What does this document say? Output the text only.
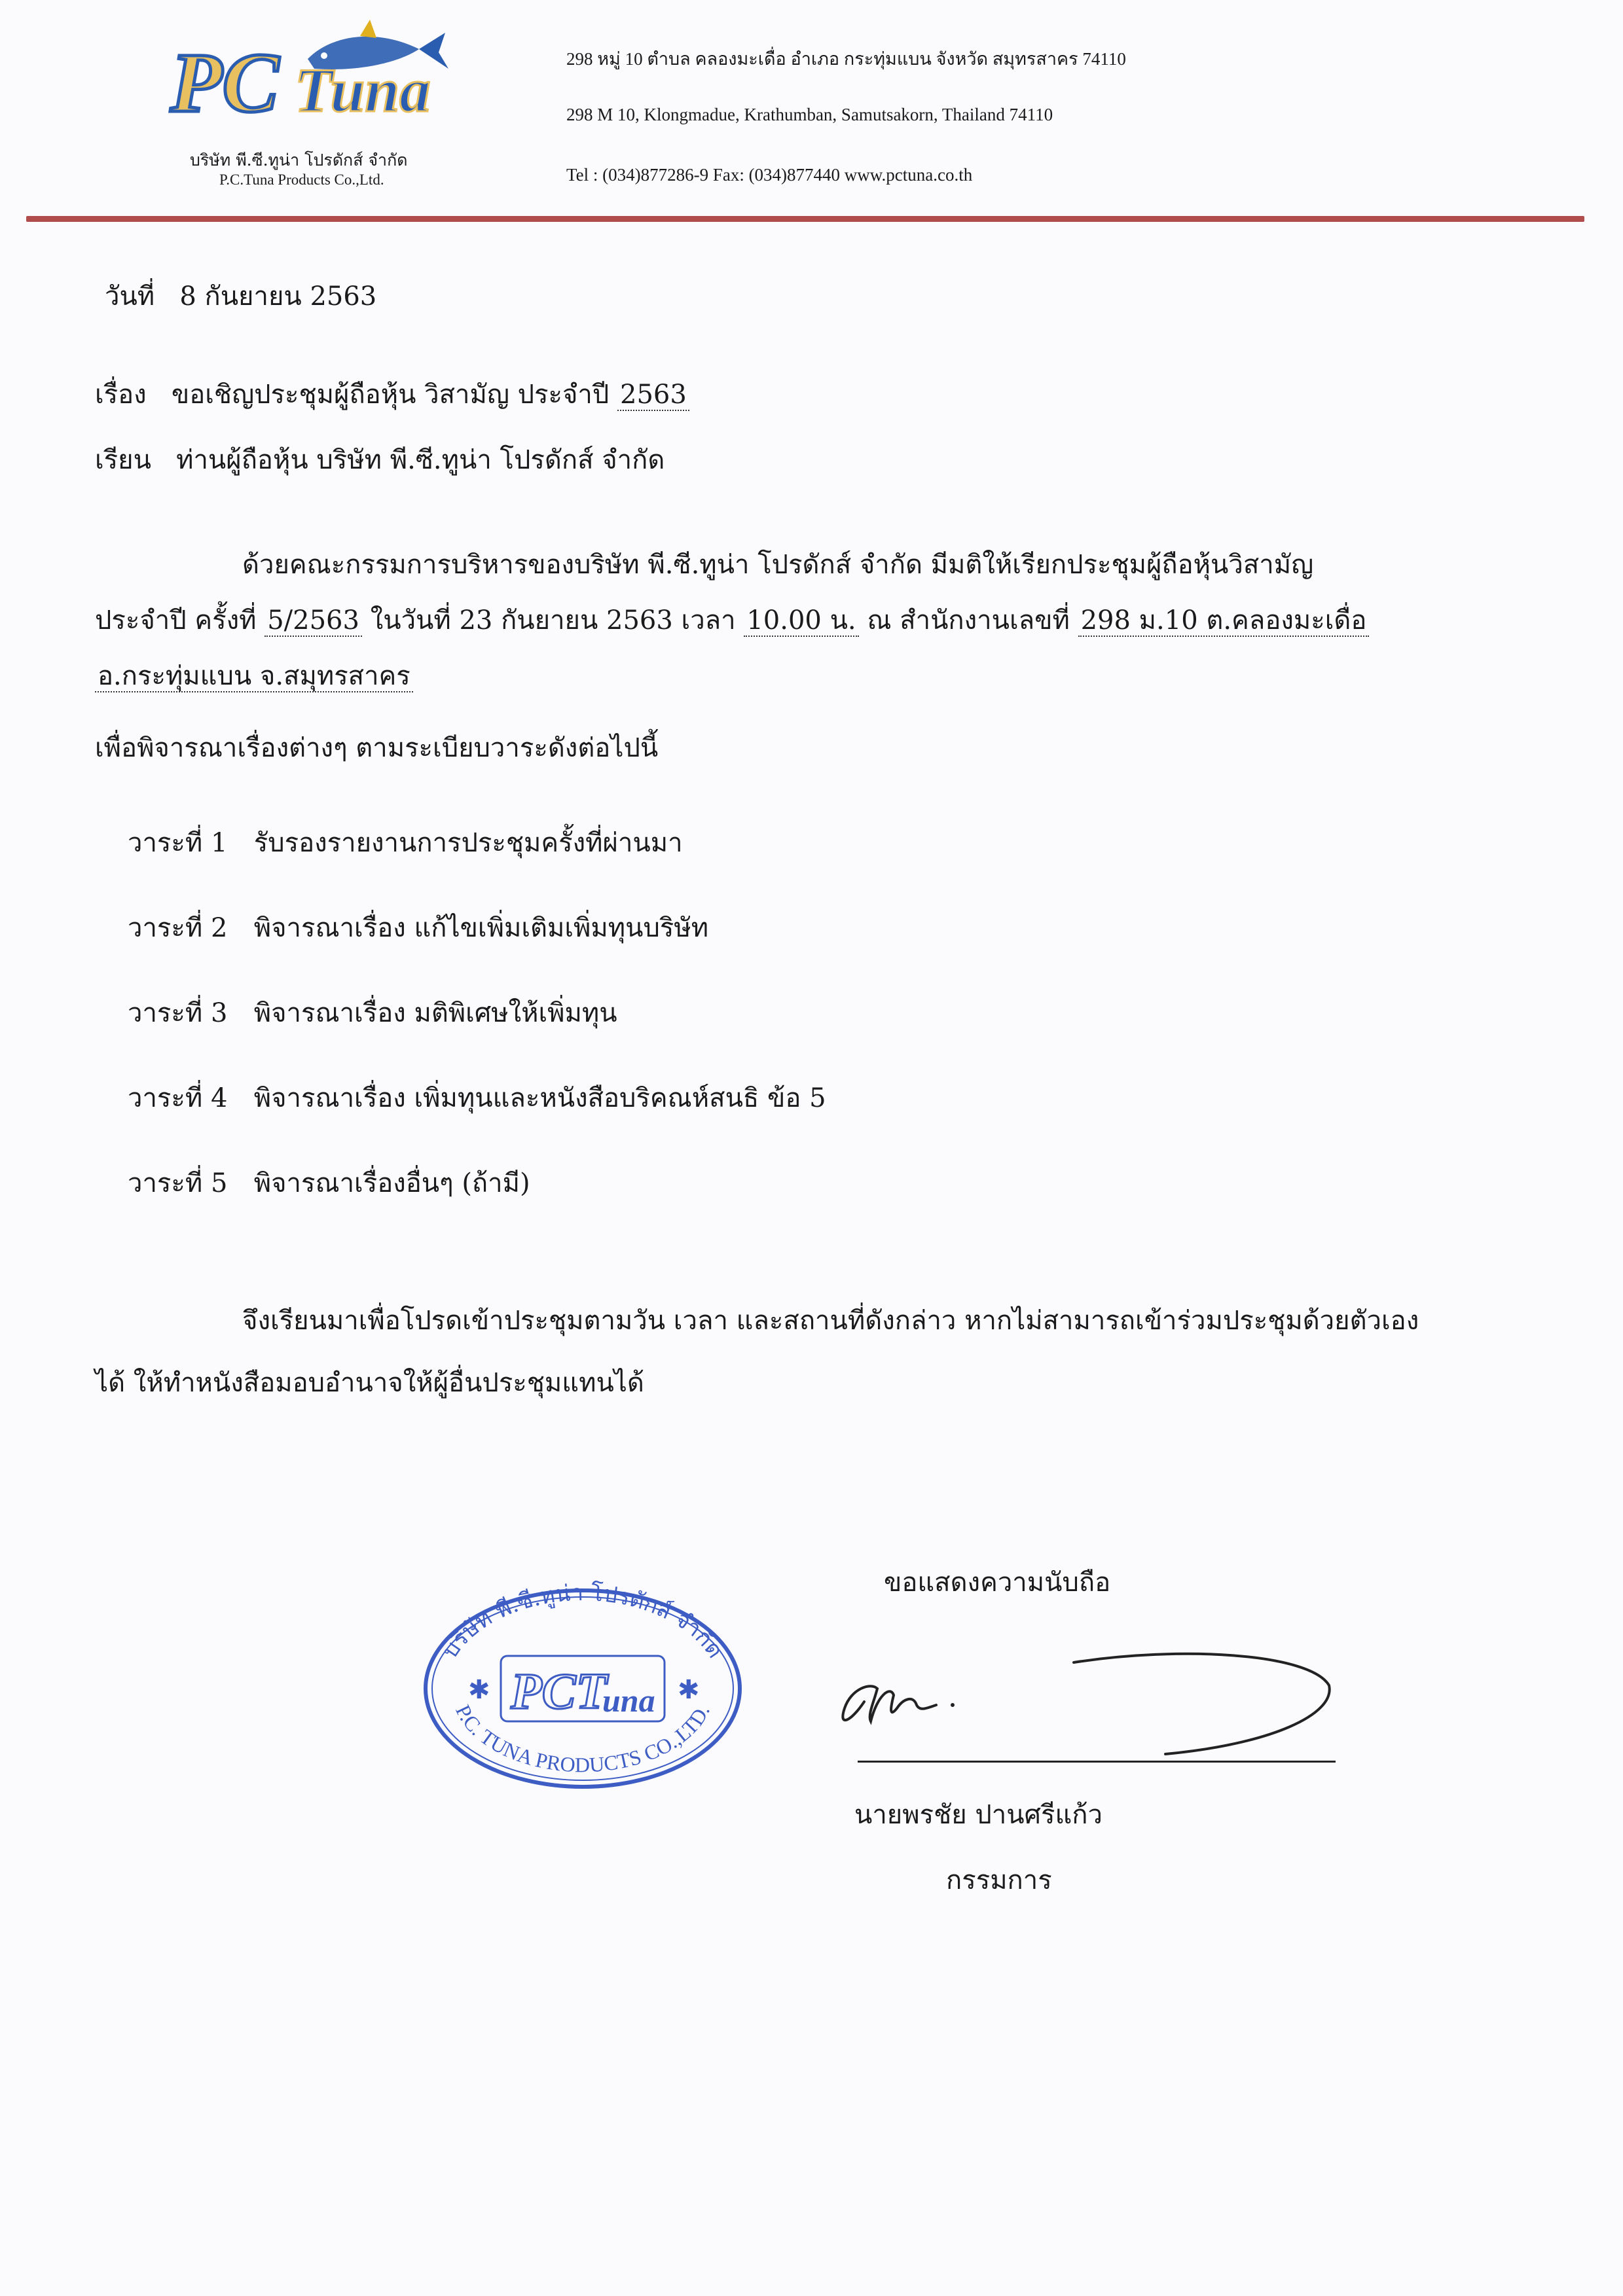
PC Tuna
บริษัท พี.ซี.ทูน่า โปรดักส์ จำกัด
P.C.Tuna Products Co.,Ltd.
298 หมู่ 10 ตำบล คลองมะเดื่อ อำเภอ กระทุ่มแบน จังหวัด สมุทรสาคร 74110
298 M 10, Klongmadue, Krathumban, Samutsakorn, Thailand 74110
Tel : (034)877286-9 Fax: (034)877440 www.pctuna.co.th
วันที่ 8 กันยายน 2563
เรื่อง ขอเชิญประชุมผู้ถือหุ้น วิสามัญ ประจำปี 2563
เรียน ท่านผู้ถือหุ้น บริษัท พี.ซี.ทูน่า โปรดักส์ จำกัด
ด้วยคณะกรรมการบริหารของบริษัท พี.ซี.ทูน่า โปรดักส์ จำกัด มีมติให้เรียกประชุมผู้ถือหุ้นวิสามัญ
ประจำปี ครั้งที่ 5/2563 ในวันที่ 23 กันยายน 2563 เวลา 10.00 น. ณ สำนักงานเลขที่ 298 ม.10 ต.คลองมะเดื่อ
อ.กระทุ่มแบน จ.สมุทรสาคร
เพื่อพิจารณาเรื่องต่างๆ ตามระเบียบวาระดังต่อไปนี้
วาระที่ 1 รับรองรายงานการประชุมครั้งที่ผ่านมา
วาระที่ 2 พิจารณาเรื่อง แก้ไขเพิ่มเติมเพิ่มทุนบริษัท
วาระที่ 3 พิจารณาเรื่อง มติพิเศษให้เพิ่มทุน
วาระที่ 4 พิจารณาเรื่อง เพิ่มทุนและหนังสือบริคณห์สนธิ ข้อ 5
วาระที่ 5 พิจารณาเรื่องอื่นๆ (ถ้ามี)
จึงเรียนมาเพื่อโปรดเข้าประชุมตามวัน เวลา และสถานที่ดังกล่าว หากไม่สามารถเข้าร่วมประชุมด้วยตัวเอง
ได้ ให้ทำหนังสือมอบอำนาจให้ผู้อื่นประชุมแทนได้
บริษัท พี.ซี.ทูน่า โปรดักส์ จำกัด
P.C. TUNA PRODUCTS CO.,LTD.
PCT
una
✱	✱
ขอแสดงความนับถือ
นายพรชัย ปานศรีแก้ว
กรรมการ
